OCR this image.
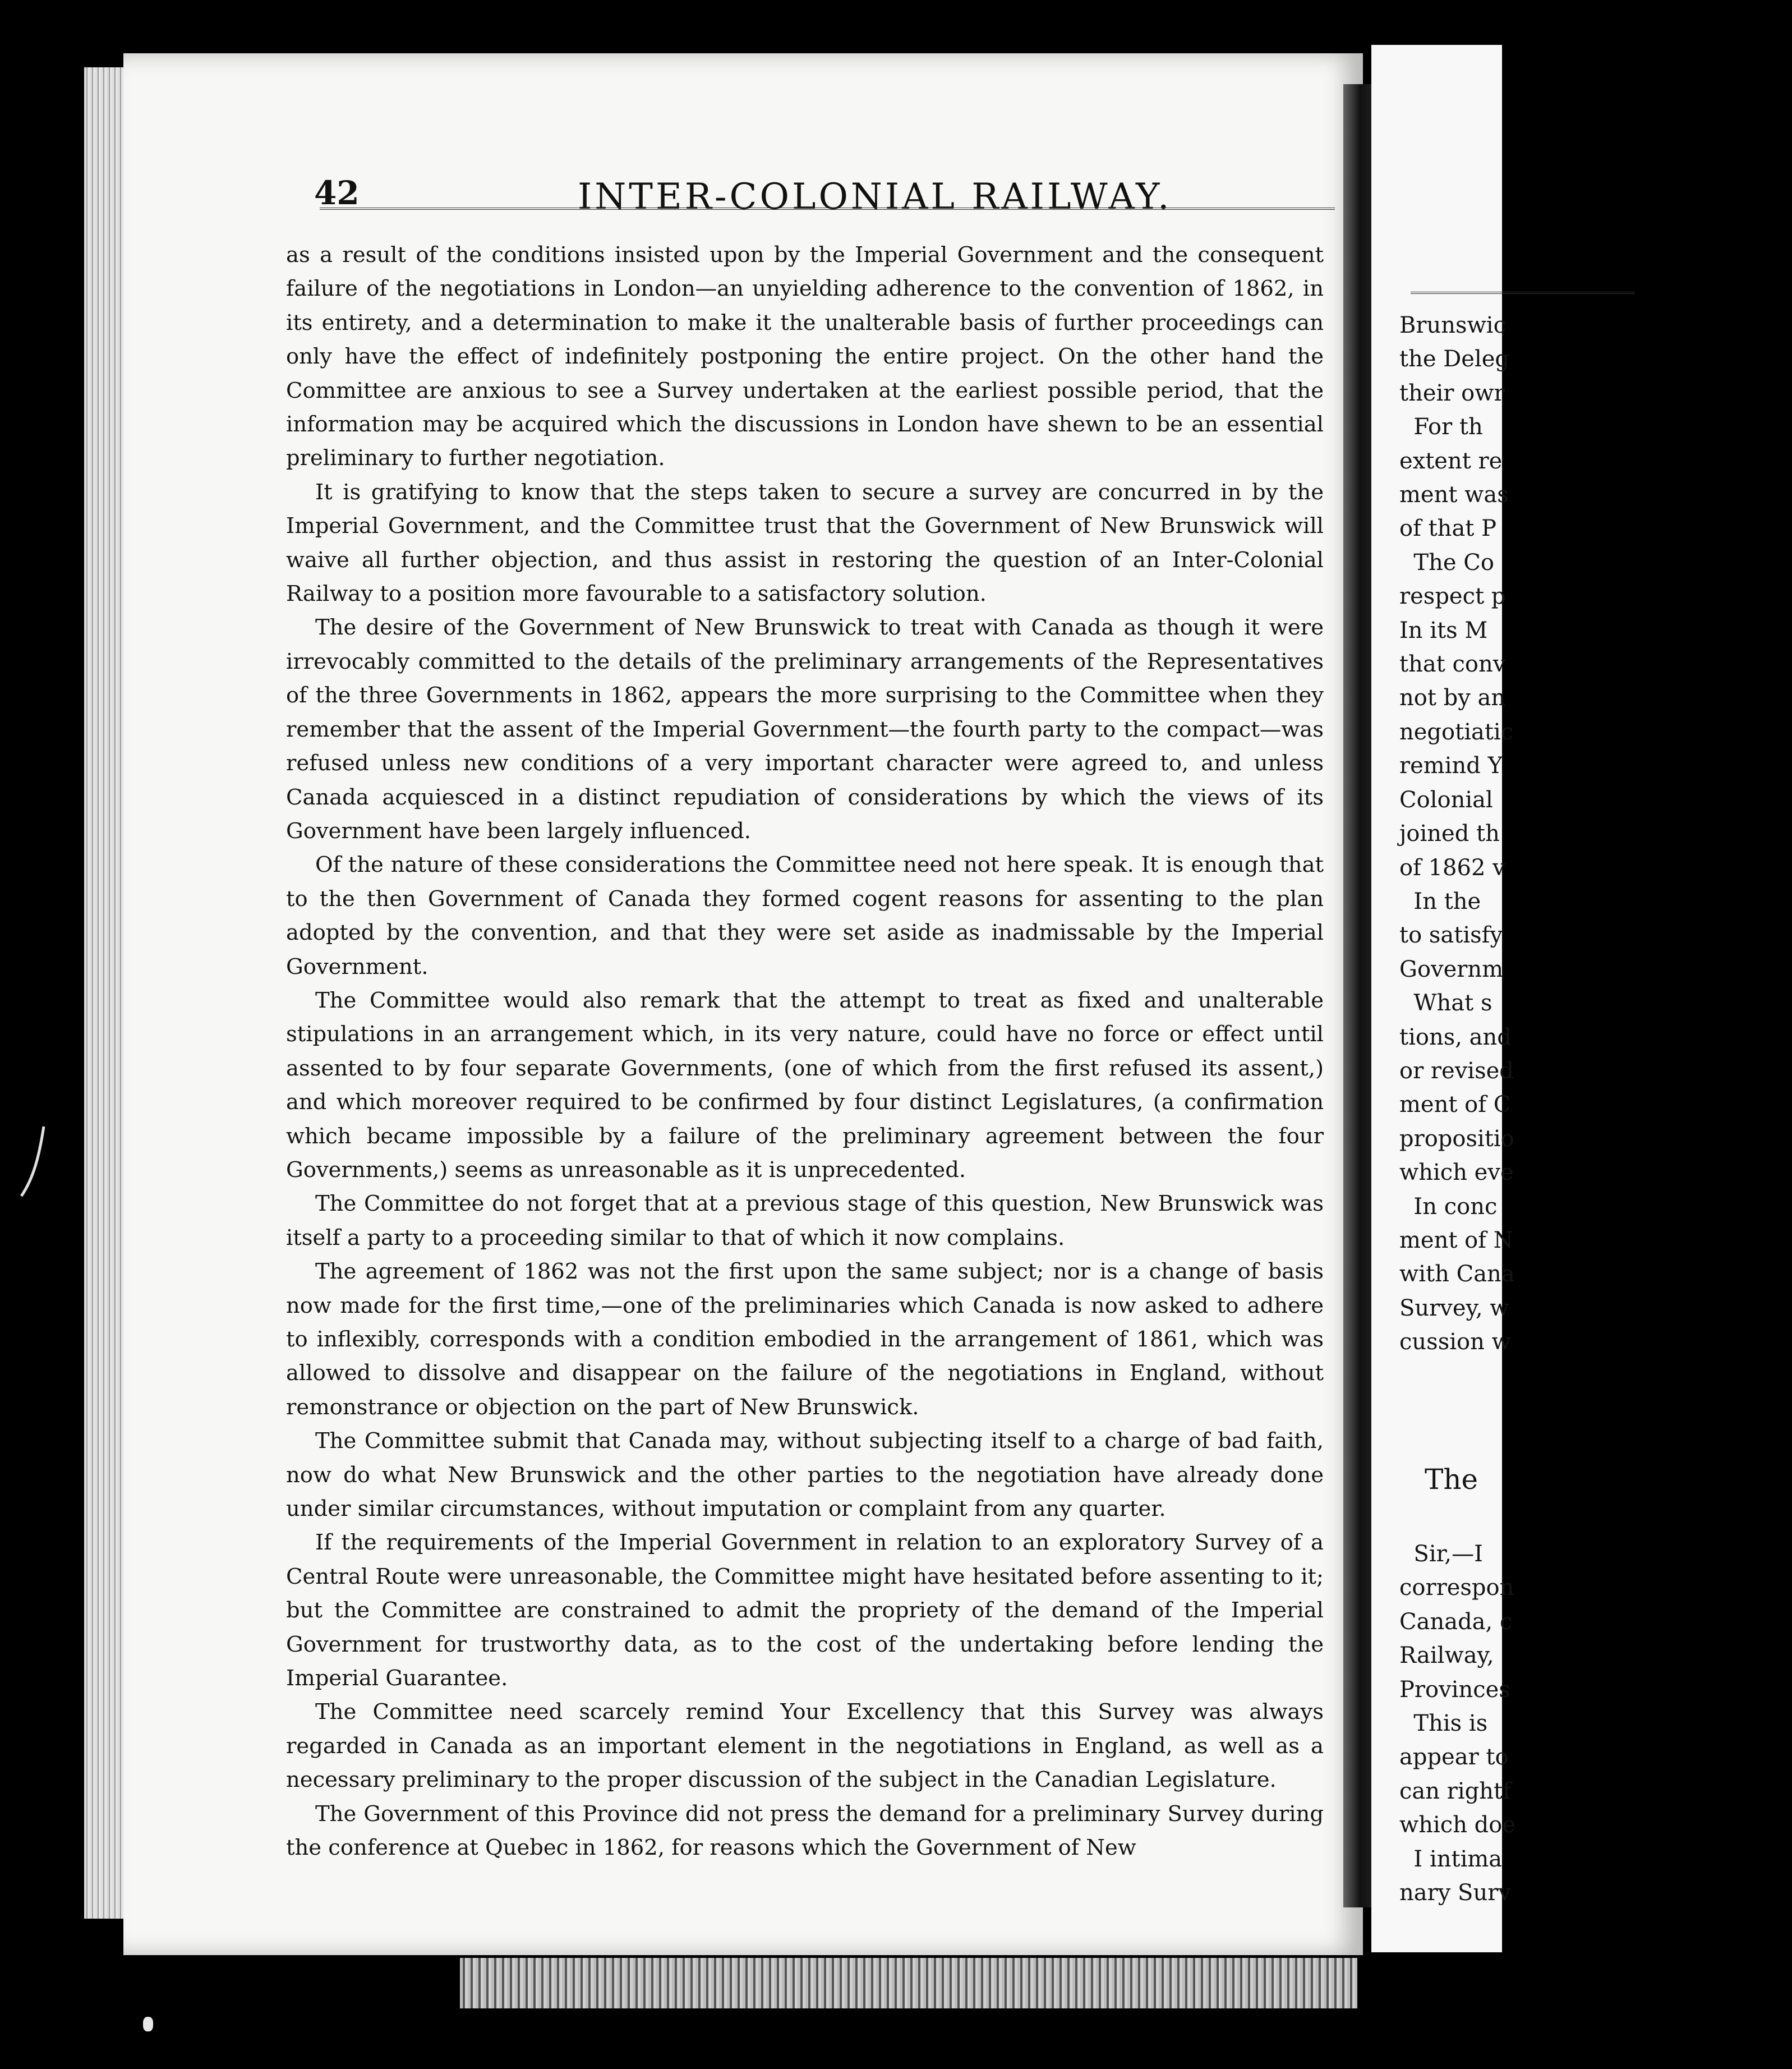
42	INTER-COLONIAL RAILWAY.

as a result of the conditions insisted upon by the Imperial Government and the consequent failure of the negotiations in London—an unyielding adherence to the convention of 1862, in its entirety, and a determination to make it the unalterable basis of further proceedings can only have the effect of indefinitely postponing the entire project. On the other hand the Committee are anxious to see a Survey undertaken at the earliest possible period, that the information may be acquired which the discussions in London have shewn to be an essential preliminary to further negotiation.

It is gratifying to know that the steps taken to secure a survey are concurred in by the Imperial Government, and the Committee trust that the Government of New Brunswick will waive all further objection, and thus assist in restoring the question of an Inter-Colonial Railway to a position more favourable to a satisfactory solution.

The desire of the Government of New Brunswick to treat with Canada as though it were irrevocably committed to the details of the preliminary arrangements of the Representatives of the three Governments in 1862, appears the more surprising to the Committee when they remember that the assent of the Imperial Government—the fourth party to the compact—was refused unless new conditions of a very important character were agreed to, and unless Canada acquiesced in a distinct repudiation of considerations by which the views of its Government have been largely influenced.

Of the nature of these considerations the Committee need not here speak. It is enough that to the then Government of Canada they formed cogent reasons for assenting to the plan adopted by the convention, and that they were set aside as inadmissable by the Imperial Government.

The Committee would also remark that the attempt to treat as fixed and unalterable stipulations in an arrangement which, in its very nature, could have no force or effect until assented to by four separate Governments, (one of which from the first refused its assent,) and which moreover required to be confirmed by four distinct Legislatures, (a confirmation which became impossible by a failure of the preliminary agreement between the four Governments,) seems as unreasonable as it is unprecedented.

The Committee do not forget that at a previous stage of this question, New Brunswick was itself a party to a proceeding similar to that of which it now complains.

The agreement of 1862 was not the first upon the same subject; nor is a change of basis now made for the first time,—one of the preliminaries which Canada is now asked to adhere to inflexibly, corresponds with a condition embodied in the arrangement of 1861, which was allowed to dissolve and disappear on the failure of the negotiations in England, without remonstrance or objection on the part of New Brunswick.

The Committee submit that Canada may, without subjecting itself to a charge of bad faith, now do what New Brunswick and the other parties to the negotiation have already done under similar circumstances, without imputation or complaint from any quarter.

If the requirements of the Imperial Government in relation to an exploratory Survey of a Central Route were unreasonable, the Committee might have hesitated before assenting to it; but the Committee are constrained to admit the propriety of the demand of the Imperial Government for trustworthy data, as to the cost of the undertaking before lending the Imperial Guarantee.

The Committee need scarcely remind Your Excellency that this Survey was always regarded in Canada as an important element in the negotiations in England, as well as a necessary preliminary to the proper discussion of the subject in the Canadian Legislature.

The Government of this Province did not press the demand for a preliminary Survey during the conference at Quebec in 1862, for reasons which the Government of New

Brunswic
the Deleg
their owr
For th
extent re
ment was
of that P
The Co
respect p
In its M
that conv
not by an
negotiatic
remind Y
Colonial
joined th
of 1862 v
In the
to satisfy
Governm
What s
tions, and
or revised
ment of C
propositio
which eve
In conc
ment of N
with Cana
Survey, w
cussion w
The
Sir,—I
correspon
Canada, c
Railway,
Provinces
This is
appear to
can rightf
which doe
I intima
nary Surv
